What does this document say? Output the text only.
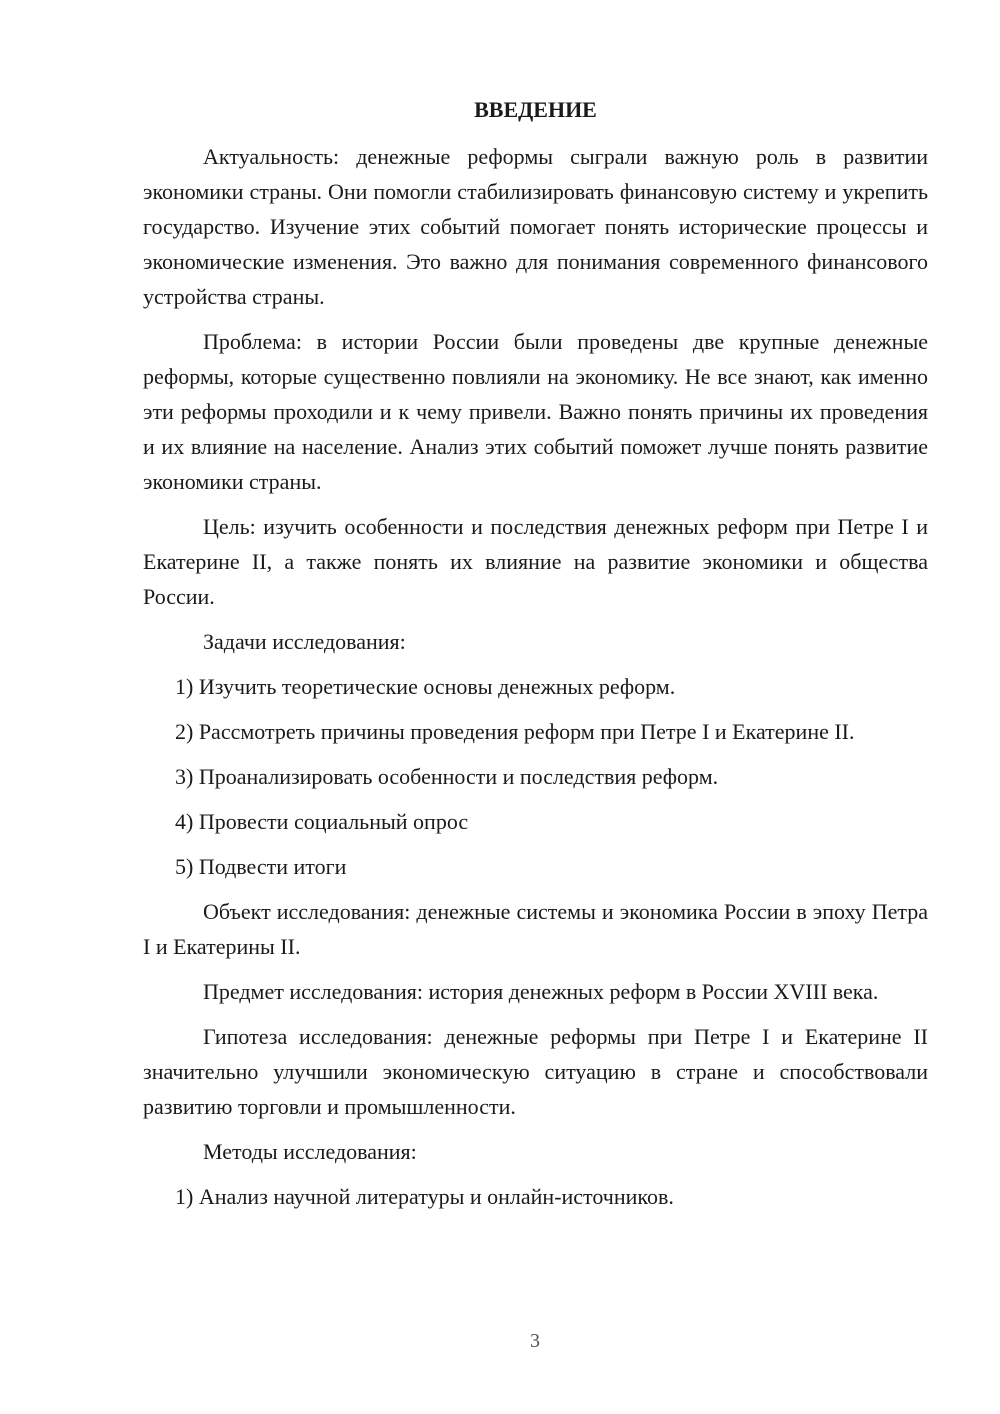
ВВЕДЕНИЕ

Актуальность: денежные реформы сыграли важную роль в развитии экономики страны. Они помогли стабилизировать финансовую систему и укрепить государство. Изучение этих событий помогает понять исторические процессы и экономические изменения. Это важно для понимания современного финансового устройства страны.

Проблема: в истории России были проведены две крупные денежные реформы, которые существенно повлияли на экономику. Не все знают, как именно эти реформы проходили и к чему привели. Важно понять причины их проведения и их влияние на население. Анализ этих событий поможет лучше понять развитие экономики страны.

Цель: изучить особенности и последствия денежных реформ при Петре I и Екатерине II, а также понять их влияние на развитие экономики и общества России.

Задачи исследования:

1) Изучить теоретические основы денежных реформ.

2) Рассмотреть причины проведения реформ при Петре I и Екатерине II.

3) Проанализировать особенности и последствия реформ.

4) Провести социальный опрос

5) Подвести итоги

Объект исследования: денежные системы и экономика России в эпоху Петра I и Екатерины II.

Предмет исследования: история денежных реформ в России XVIII века.

Гипотеза исследования: денежные реформы при Петре I и Екатерине II значительно улучшили экономическую ситуацию в стране и способствовали развитию торговли и промышленности.

Методы исследования:

1) Анализ научной литературы и онлайн-источников.

3
